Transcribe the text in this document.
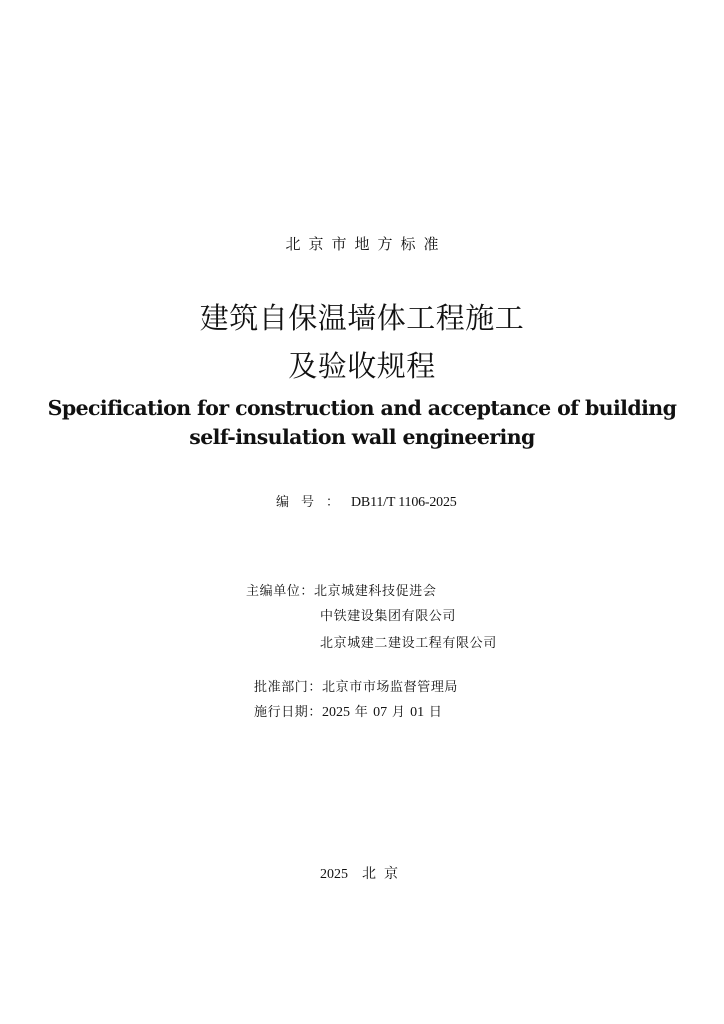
北京市地方标准
建筑自保温墙体工程施工
及验收规程
Specification for construction and acceptance of building
self-insulation wall engineering
编号：DB11/T 1106-2025
主编单位：北京城建科技促进会
中铁建设集团有限公司
北京城建二建设工程有限公司
批准部门：北京市市场监督管理局
施行日期：2025 年 07 月 01 日
2025 北京
